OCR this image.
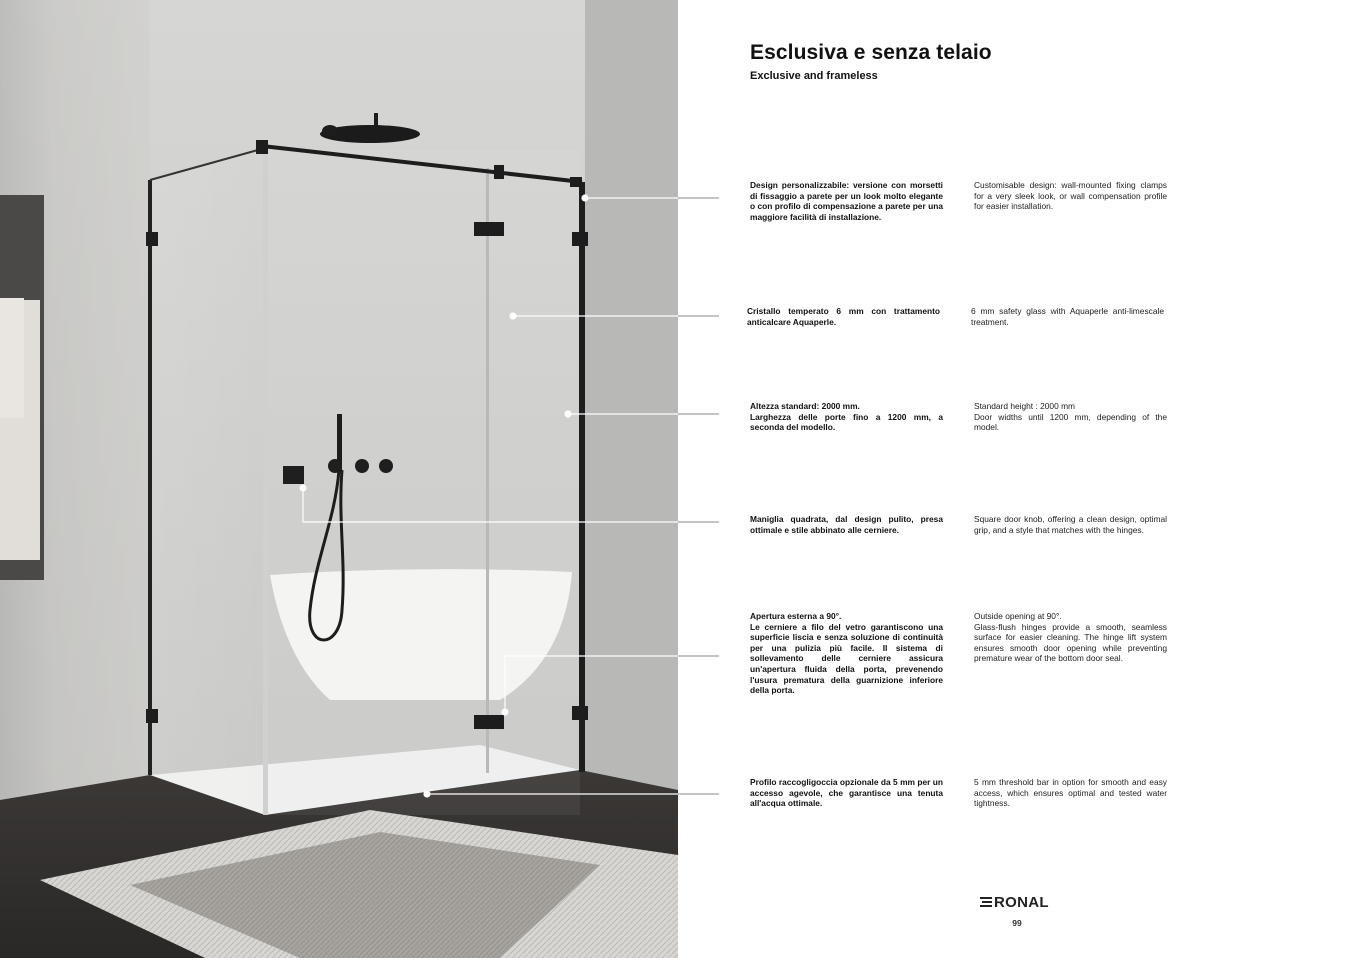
Esclusiva e senza telaio
Exclusive and frameless

Design personalizzabile: versione con morsetti di fissaggio a parete per un look molto elegante o con profilo di compensazione a parete per una maggiore facilità di installazione.

Customisable design: wall-mounted fixing clamps for a very sleek look, or wall compensation profile for easier installation.

Cristallo temperato 6 mm con trattamento anticalcare Aquaperle.

6 mm safety glass with Aquaperle anti-limescale treatment.

Altezza standard: 2000 mm.

Larghezza delle porte fino a 1200 mm, a seconda del modello.

Standard height : 2000 mm

Door widths until 1200 mm, depending of the model.

Maniglia quadrata, dal design pulito, presa ottimale e stile abbinato alle cerniere.

Square door knob, offering a clean design, optimal grip, and a style that matches with the hinges.

Apertura esterna a 90°.

Le cerniere a filo del vetro garantiscono una superficie liscia e senza soluzione di continuità per una pulizia più facile. Il sistema di sollevamento delle cerniere assicura un'apertura fluida della porta, prevenendo l'usura prematura della guarnizione inferiore della porta.

Outside opening at 90°.

Glass-flush hinges provide a smooth, seamless surface for easier cleaning. The hinge lift system ensures smooth door opening while preventing premature wear of the bottom door seal.

Profilo raccogligoccia opzionale da 5 mm per un accesso agevole, che garantisce una tenuta all'acqua ottimale.

5 mm threshold bar in option for smooth and easy access, which ensures optimal and tested water tightness.

RONAL
99
